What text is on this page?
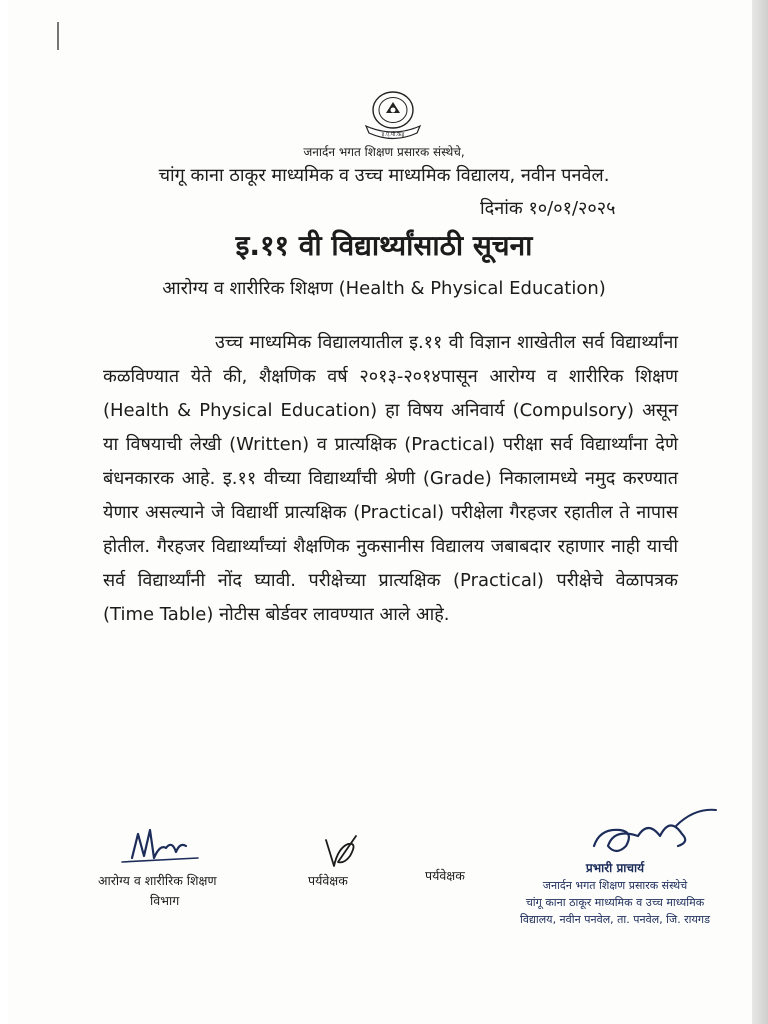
इ.ए.पी.कडू
जनार्दन भगत शिक्षण प्रसारक संस्थेचे,
चांगू काना ठाकूर माध्यमिक व उच्च माध्यमिक विद्यालय, नवीन पनवेल.
दिनांक १०/०१/२०२५
इ.११ वी विद्यार्थ्यांसाठी सूचना
आरोग्य व शारीरिक शिक्षण (Health & Physical Education)
उच्च माध्यमिक विद्यालयातील इ.११ वी विज्ञान शाखेतील सर्व विद्यार्थ्यांना कळविण्यात येते की, शैक्षणिक वर्ष २०१३-२०१४पासून आरोग्य व शारीरिक शिक्षण (Health & Physical Education) हा विषय अनिवार्य (Compulsory) असून या विषयाची लेखी (Written) व प्रात्यक्षिक (Practical) परीक्षा सर्व विद्यार्थ्यांना देणे बंधनकारक आहे. इ.११ वीच्या विद्यार्थ्यांची श्रेणी (Grade) निकालामध्ये नमुद करण्यात येणार असल्याने जे विद्यार्थी प्रात्यक्षिक (Practical) परीक्षेला गैरहजर रहातील ते नापास होतील. गैरहजर विद्यार्थ्यांच्यां शैक्षणिक नुकसानीस विद्यालय जबाबदार रहाणार नाही याची सर्व विद्यार्थ्यांनी नोंद घ्यावी. परीक्षेच्या प्रात्यक्षिक (Practical) परीक्षेचे वेळापत्रक (Time Table) नोटीस बोर्डवर लावण्यात आले आहे.
आरोग्य व शारीरिक शिक्षण
विभाग
पर्यवेक्षक	पर्यवेक्षक	प्रभारी प्राचार्य
जनार्दन भगत शिक्षण प्रसारक संस्थेचे
चांगू काना ठाकूर माध्यमिक व उच्च माध्यमिक
विद्यालय, नवीन पनवेल, ता. पनवेल, जि. रायगड
